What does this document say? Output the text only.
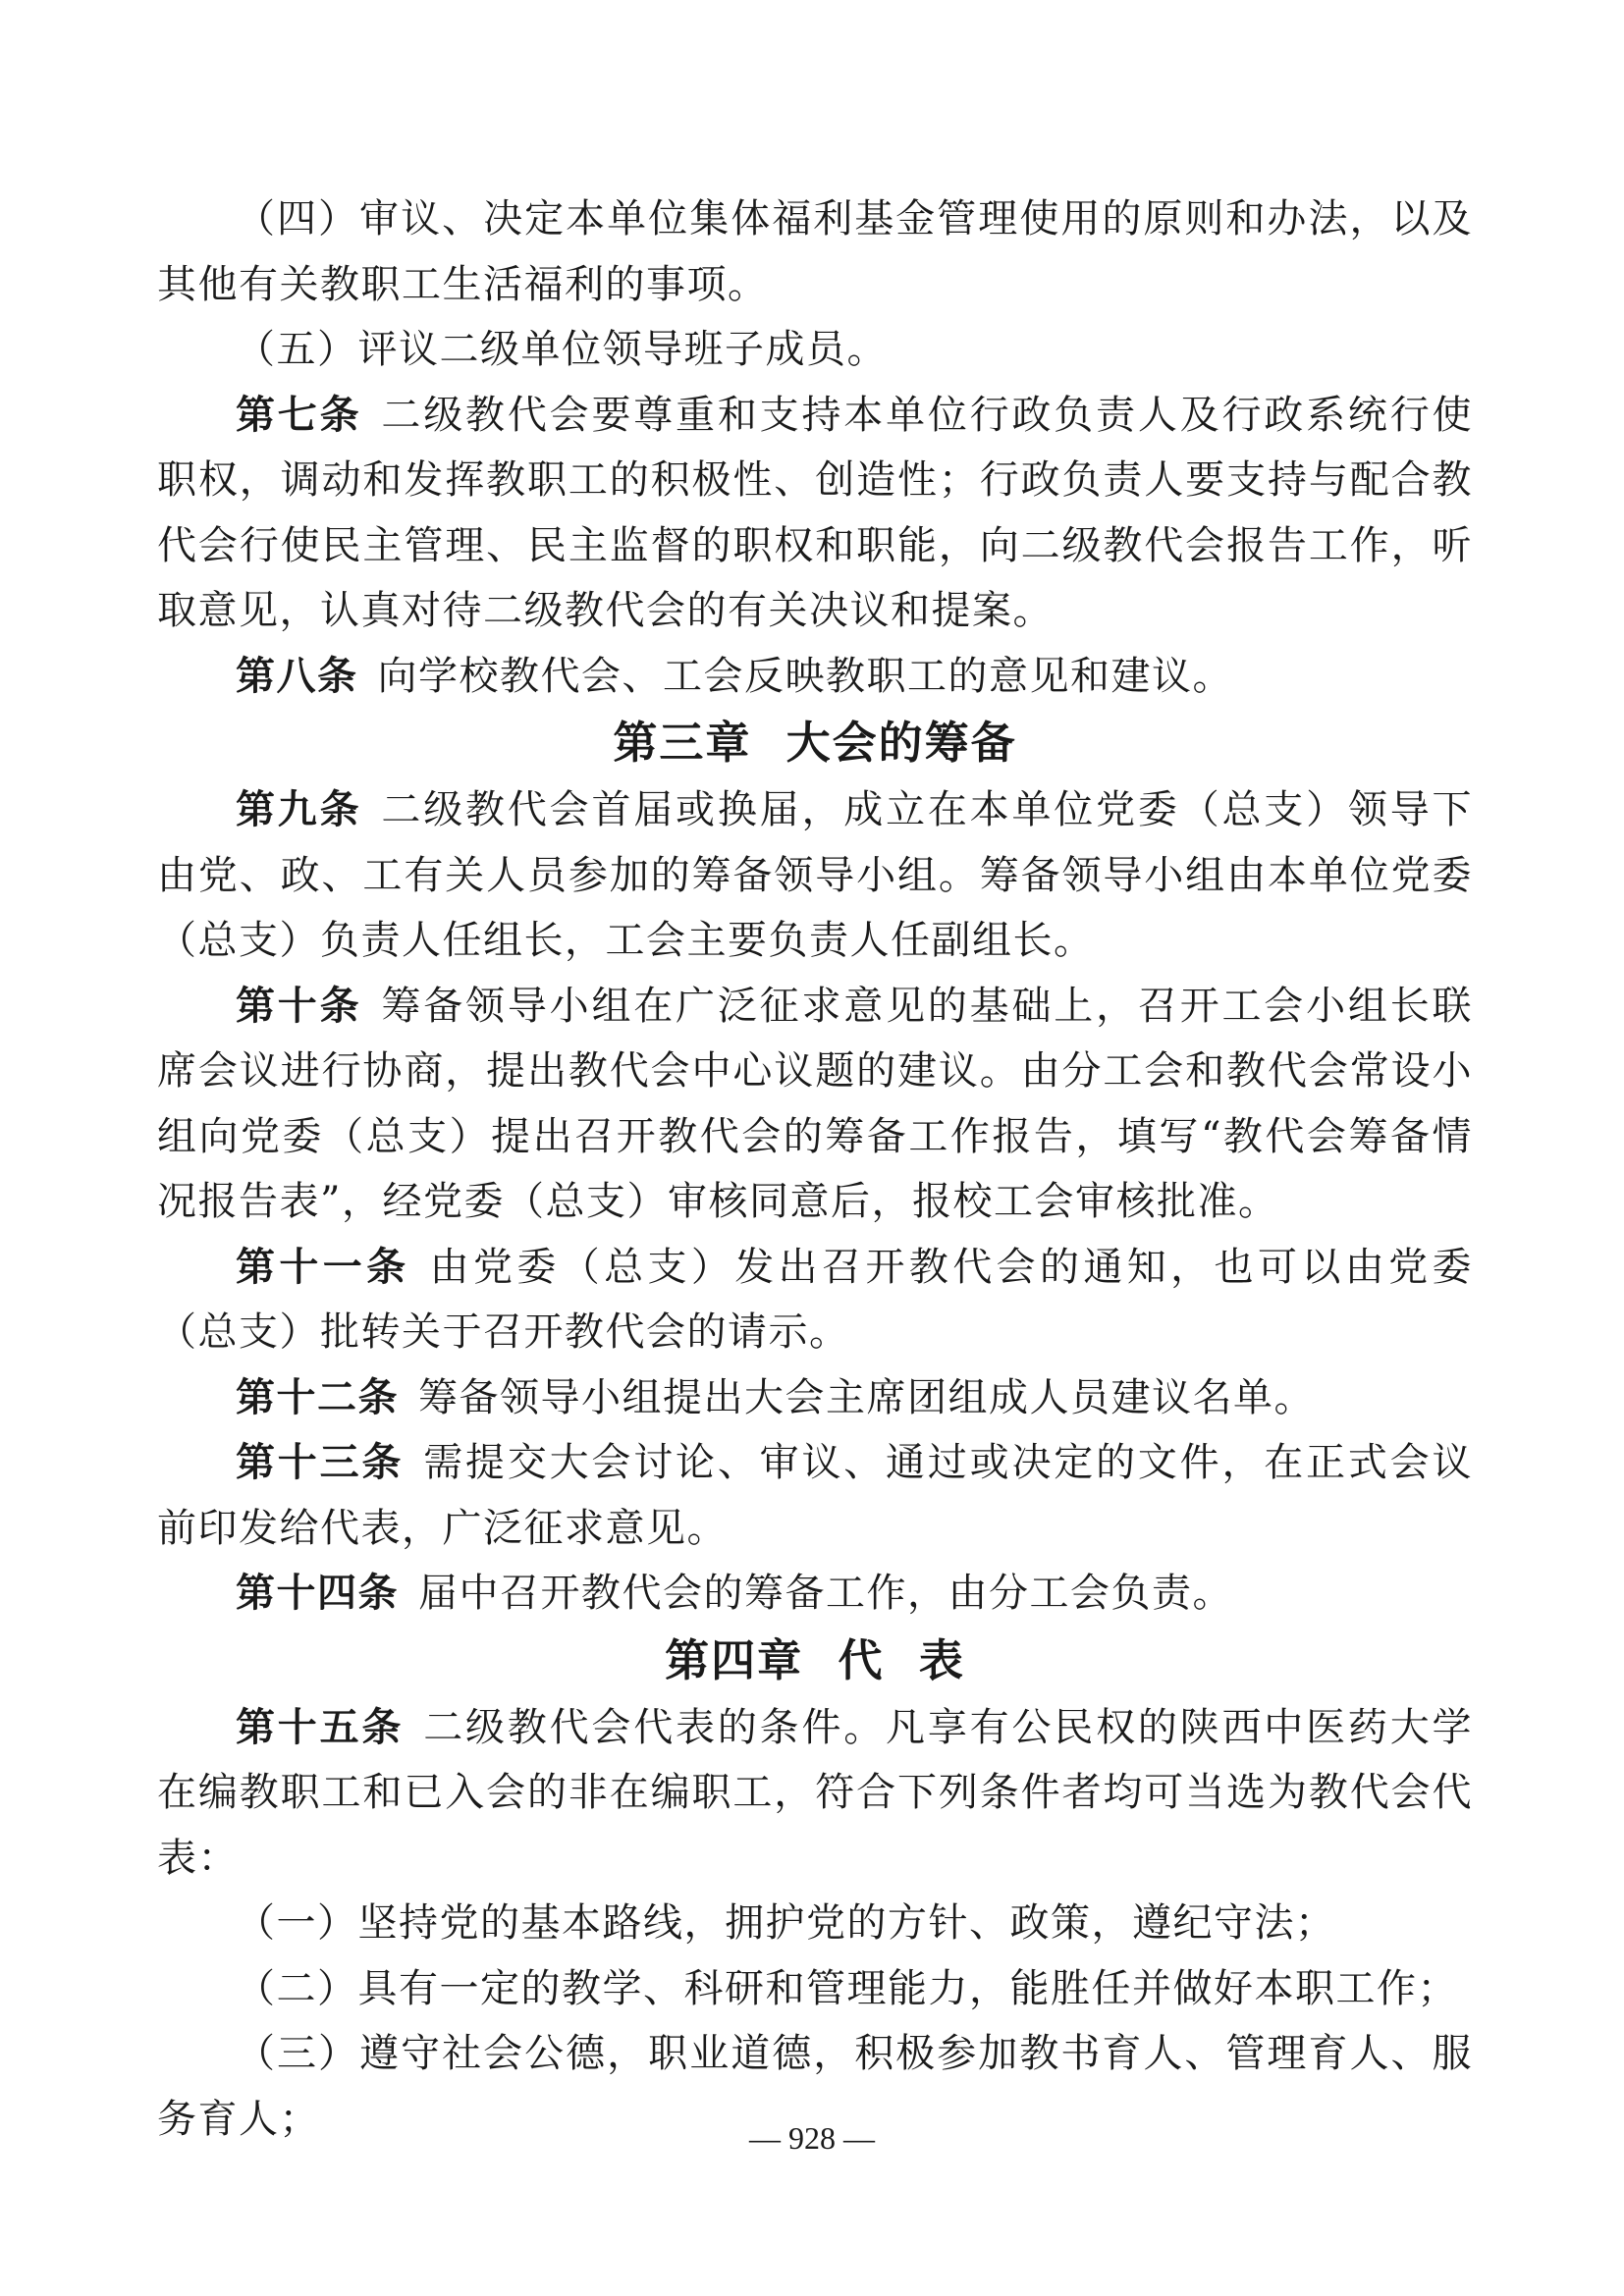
（四）审议、决定本单位集体福利基金管理使用的原则和办法，以及其他有关教职工生活福利的事项。

（五）评议二级单位领导班子成员。

第七条 二级教代会要尊重和支持本单位行政负责人及行政系统行使职权，调动和发挥教职工的积极性、创造性；行政负责人要支持与配合教代会行使民主管理、民主监督的职权和职能，向二级教代会报告工作，听取意见，认真对待二级教代会的有关决议和提案。

第八条 向学校教代会、工会反映教职工的意见和建议。

第三章  大会的筹备

第九条 二级教代会首届或换届，成立在本单位党委（总支）领导下由党、政、工有关人员参加的筹备领导小组。筹备领导小组由本单位党委（总支）负责人任组长，工会主要负责人任副组长。

第十条 筹备领导小组在广泛征求意见的基础上，召开工会小组长联席会议进行协商，提出教代会中心议题的建议。由分工会和教代会常设小组向党委（总支）提出召开教代会的筹备工作报告，填写“教代会筹备情况报告表”，经党委（总支）审核同意后，报校工会审核批准。

第十一条 由党委（总支）发出召开教代会的通知，也可以由党委（总支）批转关于召开教代会的请示。

第十二条 筹备领导小组提出大会主席团组成人员建议名单。

第十三条 需提交大会讨论、审议、通过或决定的文件，在正式会议前印发给代表，广泛征求意见。

第十四条 届中召开教代会的筹备工作，由分工会负责。

第四章  代  表

第十五条 二级教代会代表的条件。凡享有公民权的陕西中医药大学在编教职工和已入会的非在编职工，符合下列条件者均可当选为教代会代表：

（一）坚持党的基本路线，拥护党的方针、政策，遵纪守法；

（二）具有一定的教学、科研和管理能力，能胜任并做好本职工作；

（三）遵守社会公德，职业道德，积极参加教书育人、管理育人、服务育人；	— 928 —
